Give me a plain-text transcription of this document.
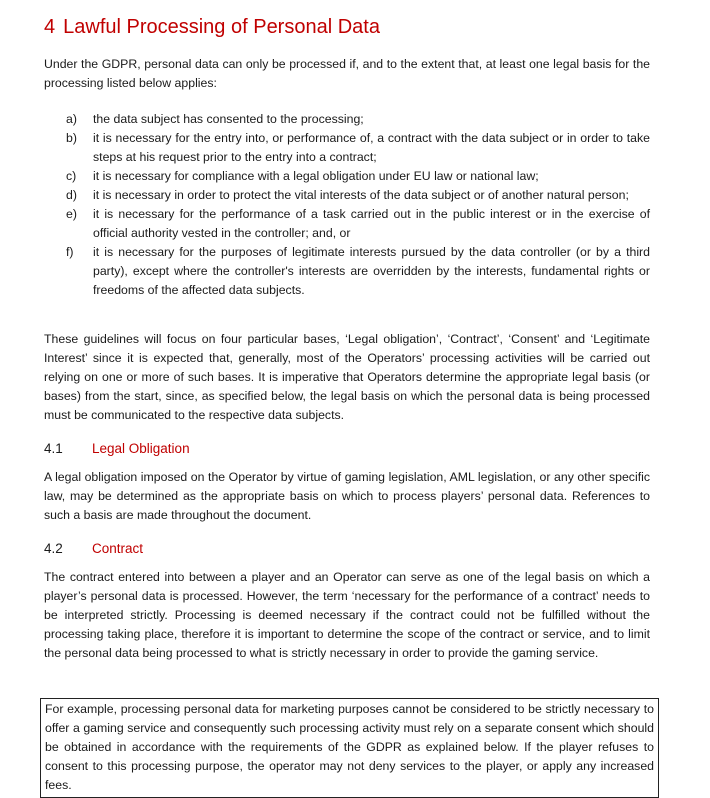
4 Lawful Processing of Personal Data

Under the GDPR, personal data can only be processed if, and to the extent that, at least one legal basis for the processing listed below applies:

a) the data subject has consented to the processing;
b) it is necessary for the entry into, or performance of, a contract with the data subject or in order to take steps at his request prior to the entry into a contract;
c) it is necessary for compliance with a legal obligation under EU law or national law;
d) it is necessary in order to protect the vital interests of the data subject or of another natural person;
e) it is necessary for the performance of a task carried out in the public interest or in the exercise of official authority vested in the controller; and, or
f) it is necessary for the purposes of legitimate interests pursued by the data controller (or by a third party), except where the controller's interests are overridden by the interests, fundamental rights or freedoms of the affected data subjects.

These guidelines will focus on four particular bases, ‘Legal obligation’, ‘Contract’, ‘Consent’ and ‘Legitimate Interest’ since it is expected that, generally, most of the Operators’ processing activities will be carried out relying on one or more of such bases. It is imperative that Operators determine the appropriate legal basis (or bases) from the start, since, as specified below, the legal basis on which the personal data is being processed must be communicated to the respective data subjects.

4.1 Legal Obligation

A legal obligation imposed on the Operator by virtue of gaming legislation, AML legislation, or any other specific law, may be determined as the appropriate basis on which to process players’ personal data. References to such a basis are made throughout the document.

4.2 Contract

The contract entered into between a player and an Operator can serve as one of the legal basis on which a player’s personal data is processed. However, the term ‘necessary for the performance of a contract’ needs to be interpreted strictly. Processing is deemed necessary if the contract could not be fulfilled without the processing taking place, therefore it is important to determine the scope of the contract or service, and to limit the personal data being processed to what is strictly necessary in order to provide the gaming service.

For example, processing personal data for marketing purposes cannot be considered to be strictly necessary to offer a gaming service and consequently such processing activity must rely on a separate consent which should be obtained in accordance with the requirements of the GDPR as explained below. If the player refuses to consent to this processing purpose, the operator may not deny services to the player, or apply any increased fees.
